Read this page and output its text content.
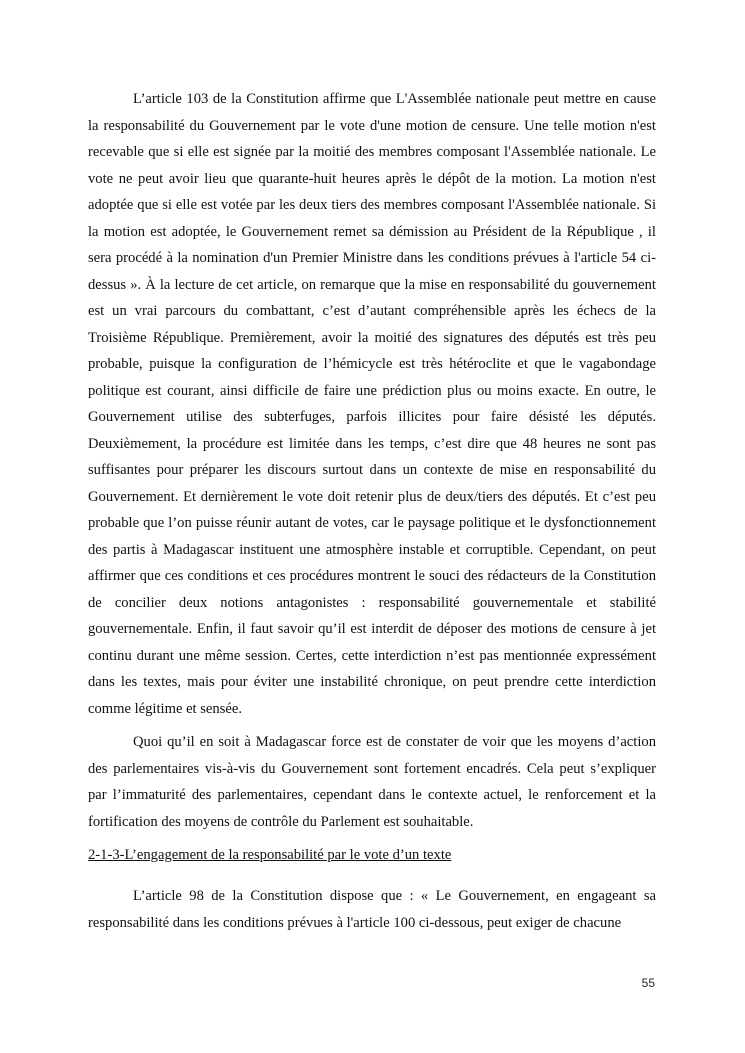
L’article 103 de la Constitution affirme que L'Assemblée nationale peut mettre en cause la responsabilité du Gouvernement par le vote d'une motion de censure. Une telle motion n'est recevable que si elle est signée par la moitié des membres composant l'Assemblée nationale. Le vote ne peut avoir lieu que quarante-huit heures après le dépôt de la motion. La motion n'est adoptée que si elle est votée par les deux tiers des membres composant l'Assemblée nationale. Si la motion est adoptée, le Gouvernement remet sa démission au Président de la République , il sera procédé à la nomination d'un Premier Ministre dans les conditions prévues à l'article 54 ci-dessus ». À la lecture de cet article, on remarque que la mise en responsabilité du gouvernement est un vrai parcours du combattant, c’est d’autant compréhensible après les échecs de la Troisième République. Premièrement, avoir la moitié des signatures des députés est très peu probable, puisque la configuration de l’hémicycle est très hétéroclite et que le vagabondage politique est courant, ainsi difficile de faire une prédiction plus ou moins exacte. En outre, le Gouvernement utilise des subterfuges, parfois illicites pour faire désisté les députés. Deuxièmement, la procédure est limitée dans les temps, c’est dire que 48 heures ne sont pas suffisantes pour préparer les discours surtout dans un contexte de mise en responsabilité du Gouvernement. Et dernièrement le vote doit retenir plus de deux/tiers des députés. Et c’est peu probable que l’on puisse réunir autant de votes, car le paysage politique et le dysfonctionnement des partis à Madagascar instituent une atmosphère instable et corruptible. Cependant, on peut affirmer que ces conditions et ces procédures montrent le souci des rédacteurs de la Constitution de concilier deux notions antagonistes : responsabilité gouvernementale et stabilité gouvernementale. Enfin, il faut savoir qu’il est interdit de déposer des motions de censure à jet continu durant une même session. Certes, cette interdiction n’est pas mentionnée expressément dans les textes, mais pour éviter une instabilité chronique, on peut prendre cette interdiction comme légitime et sensée.

Quoi qu’il en soit à Madagascar force est de constater de voir que les moyens d’action des parlementaires vis-à-vis du Gouvernement sont fortement encadrés. Cela peut s’expliquer par l’immaturité des parlementaires, cependant dans le contexte actuel, le renforcement et la fortification des moyens de contrôle du Parlement est souhaitable.

2-1-3-L’engagement de la responsabilité par le vote d’un texte

L’article 98 de la Constitution dispose que : « Le Gouvernement, en engageant sa responsabilité dans les conditions prévues à l'article 100 ci-dessous, peut exiger de chacune

55
